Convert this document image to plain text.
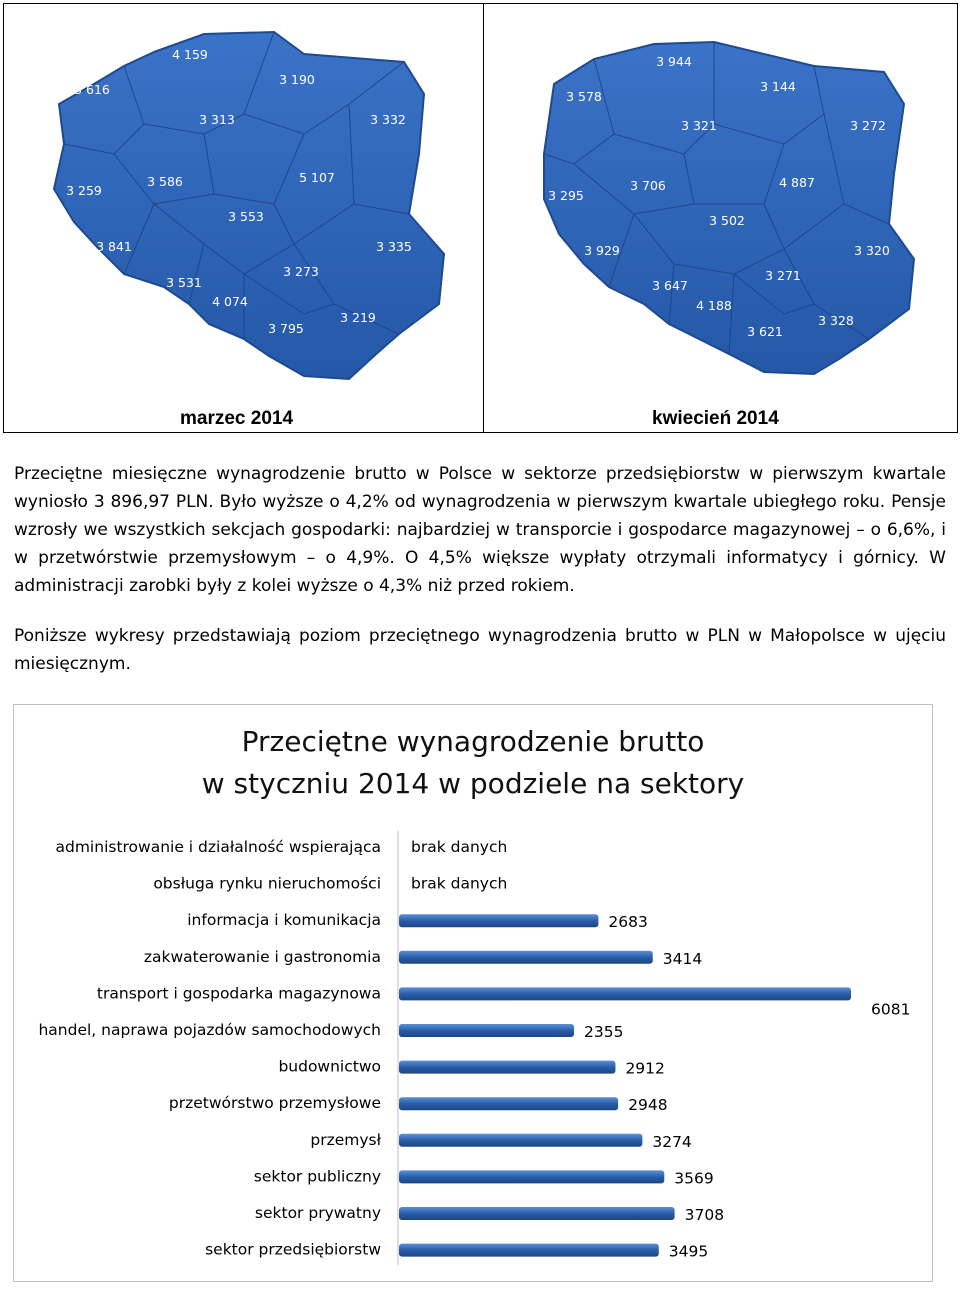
4 159
3 616
3 190
3 313	3 332
3 259
3 586	5 107
3 553
3 841	3 335
3 273
3 531
4 074
3 795
3 219
marzec 2014
3 944
3 578
3 144
3 321	3 272
3 295
3 706	4 887
3 502
3 929	3 320
3 271
3 647
4 188
3 621
3 328
kwiecień 2014
Przeciętne miesięczne wynagrodzenie brutto w Polsce w sektorze przedsiębiorstw w pierwszym kwartale wyniosło 3 896,97 PLN. Było wyższe o 4,2% od wynagrodzenia w pierwszym kwartale ubiegłego roku. Pensje wzrosły we wszystkich sekcjach gospodarki: najbardziej w transporcie i gospodarce magazynowej – o 6,6%, i w przetwórstwie przemysłowym – o 4,9%. O 4,5% większe wypłaty otrzymali informatycy i górnicy. W administracji zarobki były z kolei wyższe o 4,3% niż przed rokiem.
Poniższe wykresy przedstawiają poziom przeciętnego wynagrodzenia brutto w PLN w Małopolsce w ujęciu miesięcznym.
Przeciętne wynagrodzenie brutto
w styczniu 2014 w podziele na sektory
administrowanie i działalność wspierająca brak danych
obsługa rynku nieruchomości brak danych
informacja i komunikacja	2683
zakwaterowanie i gastronomia	3414
transport i gospodarka magazynowa
6081
handel, naprawa pojazdów samochodowych	2355
budownictwo	2912
przetwórstwo przemysłowe	2948
przemysł	3274
sektor publiczny	3569
sektor prywatny	3708
sektor przedsiębiorstw	3495
